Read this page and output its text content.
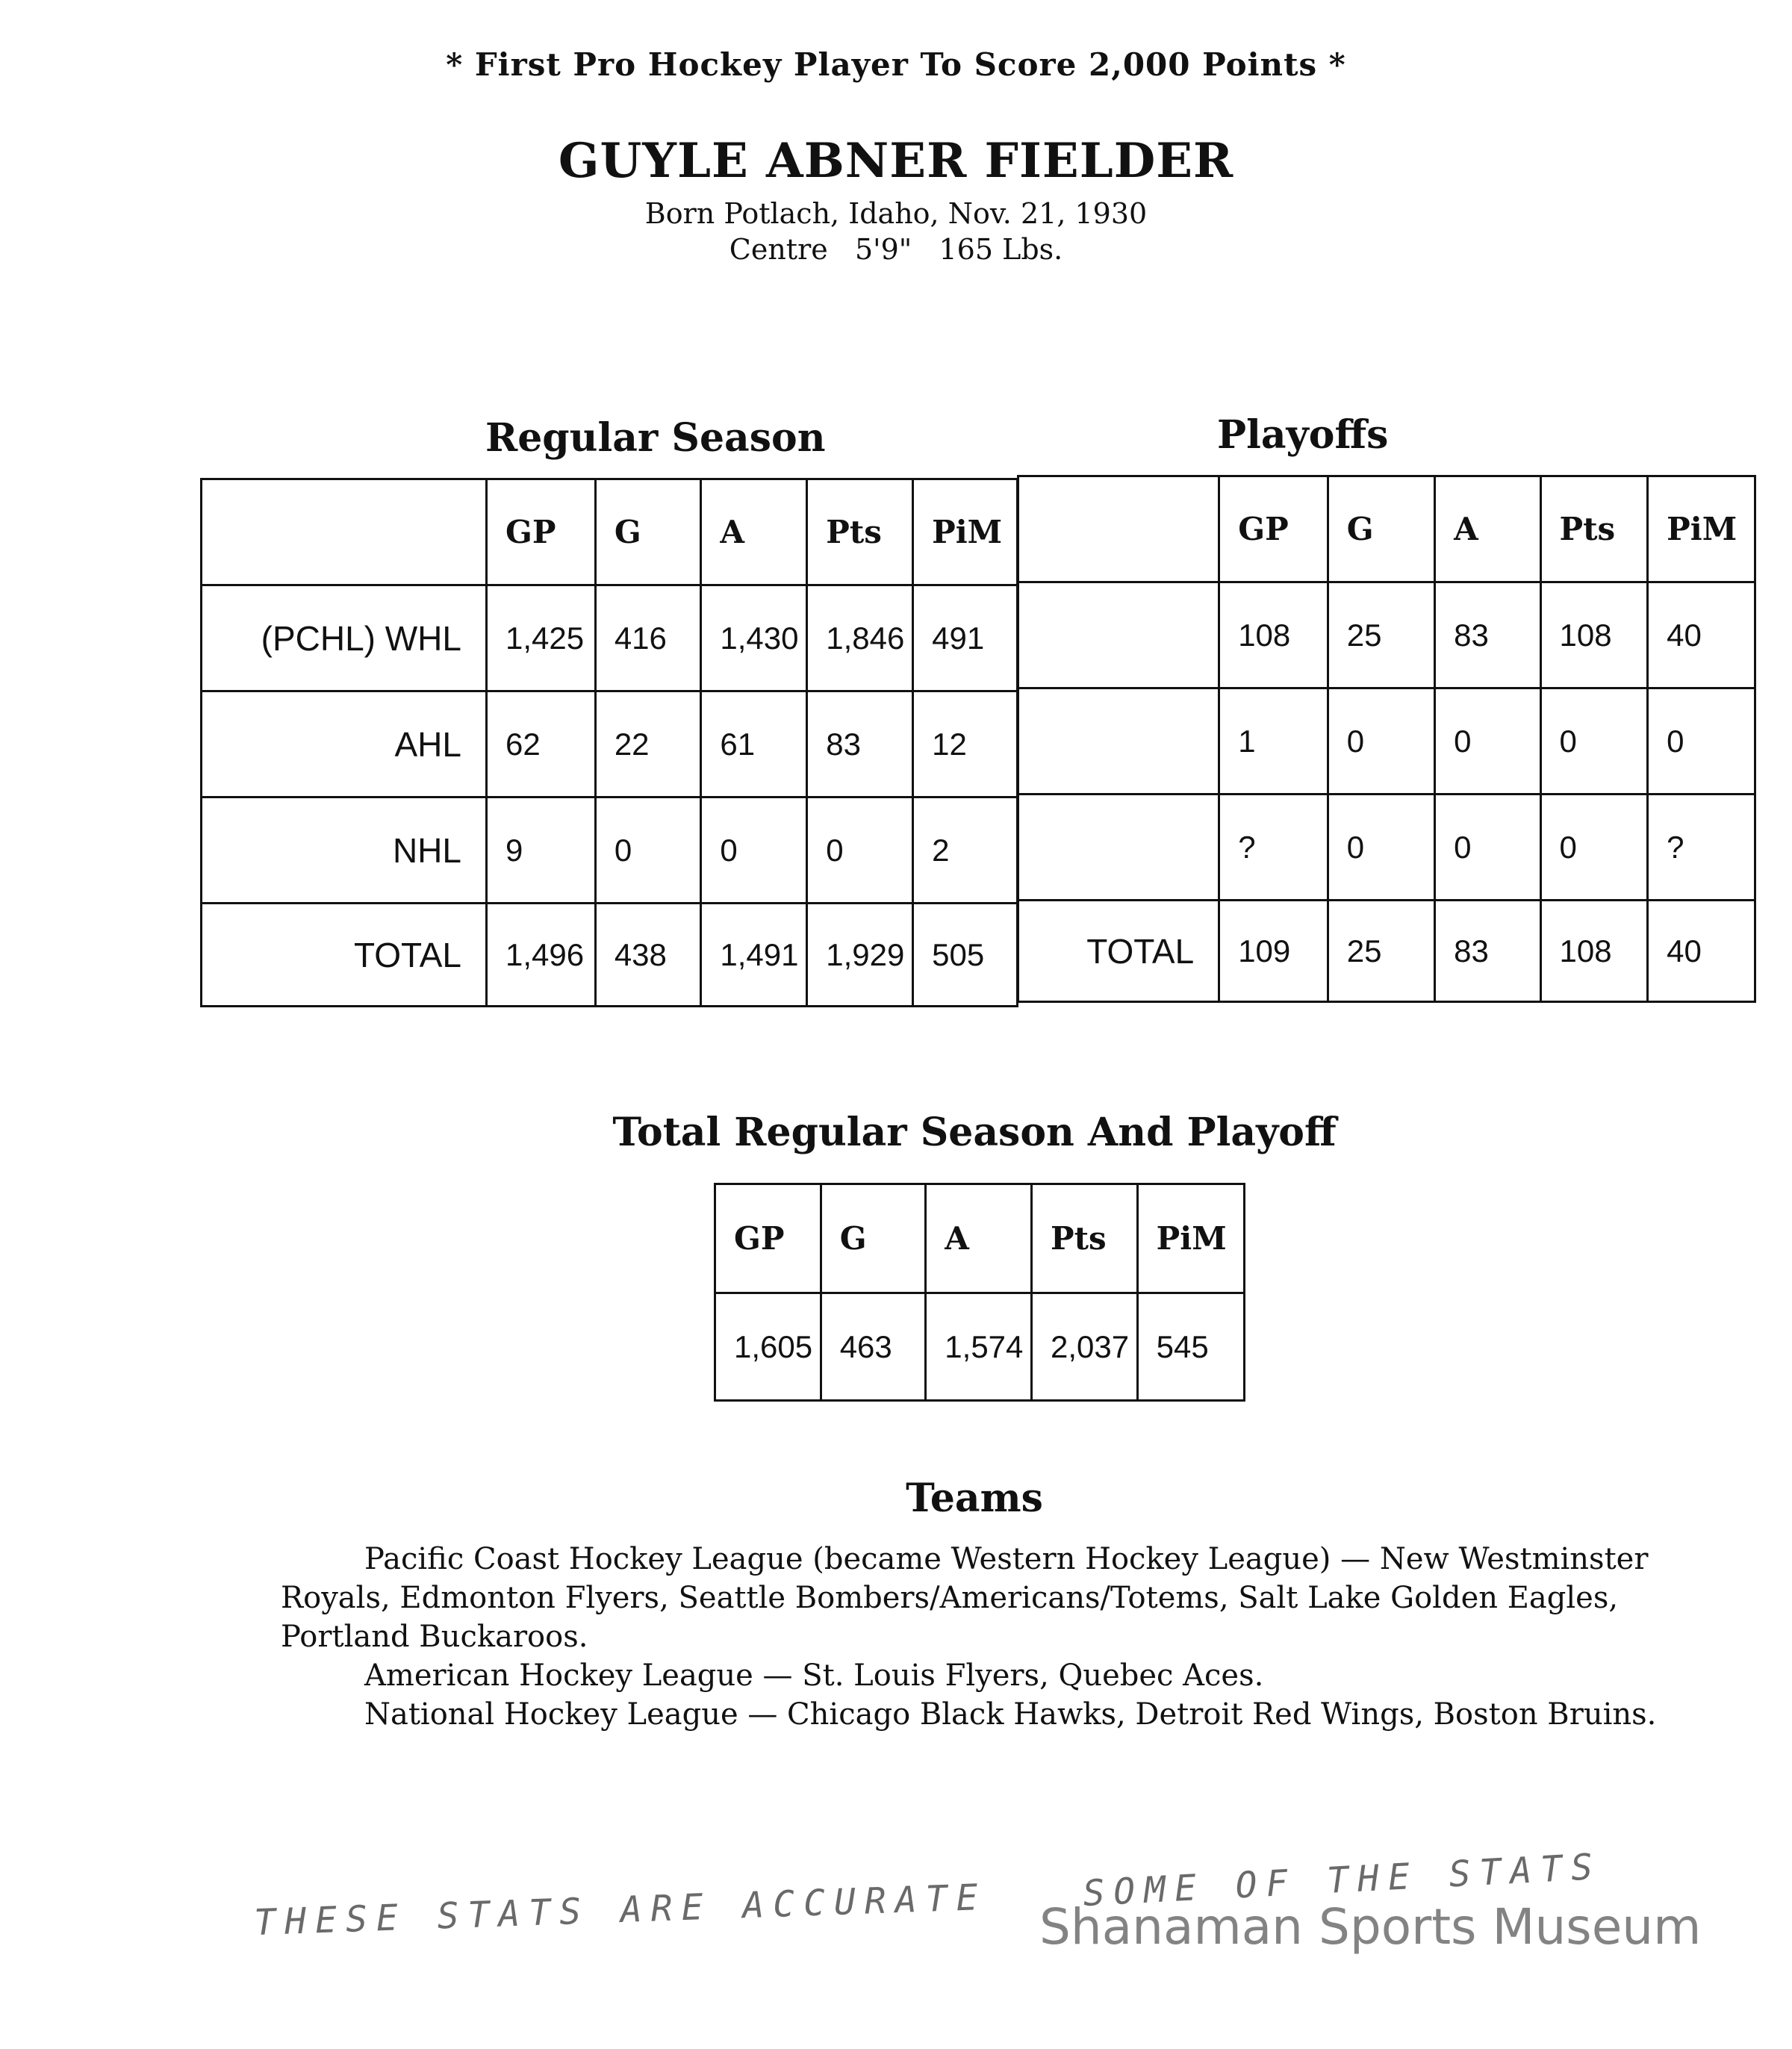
* First Pro Hockey Player To Score 2,000 Points *
GUYLE ABNER FIELDER
Born Potlach, Idaho, Nov. 21, 1930
Centre   5'9"   165 Lbs.
Regular Season	Playoffs
	GP	G	A	Pts	PiM
(PCHL) WHL	1,425	416	1,430	1,846	491
AHL	62	22	61	83	12
NHL	9	0	0	0	2
TOTAL	1,496	438	1,491	1,929	505
	GP	G	A	Pts	PiM
	108	25	83	108	40
	1	0	0	0	0
	?	0	0	0	?
TOTAL	109	25	83	108	40
Total Regular Season And Playoff
GP	G	A	Pts	PiM
1,605	463	1,574	2,037	545
Teams

Pacific Coast Hockey League (became Western Hockey League) — New Westminster Royals, Edmonton Flyers, Seattle Bombers/Americans/Totems, Salt Lake Golden Eagles, Portland Buckaroos.

American Hockey League — St. Louis Flyers, Quebec Aces.

National Hockey League — Chicago Black Hawks, Detroit Red Wings, Boston Bruins.

THESE STATS ARE ACCURATE	SOME OF THE STATS
Shanaman Sports Museum
